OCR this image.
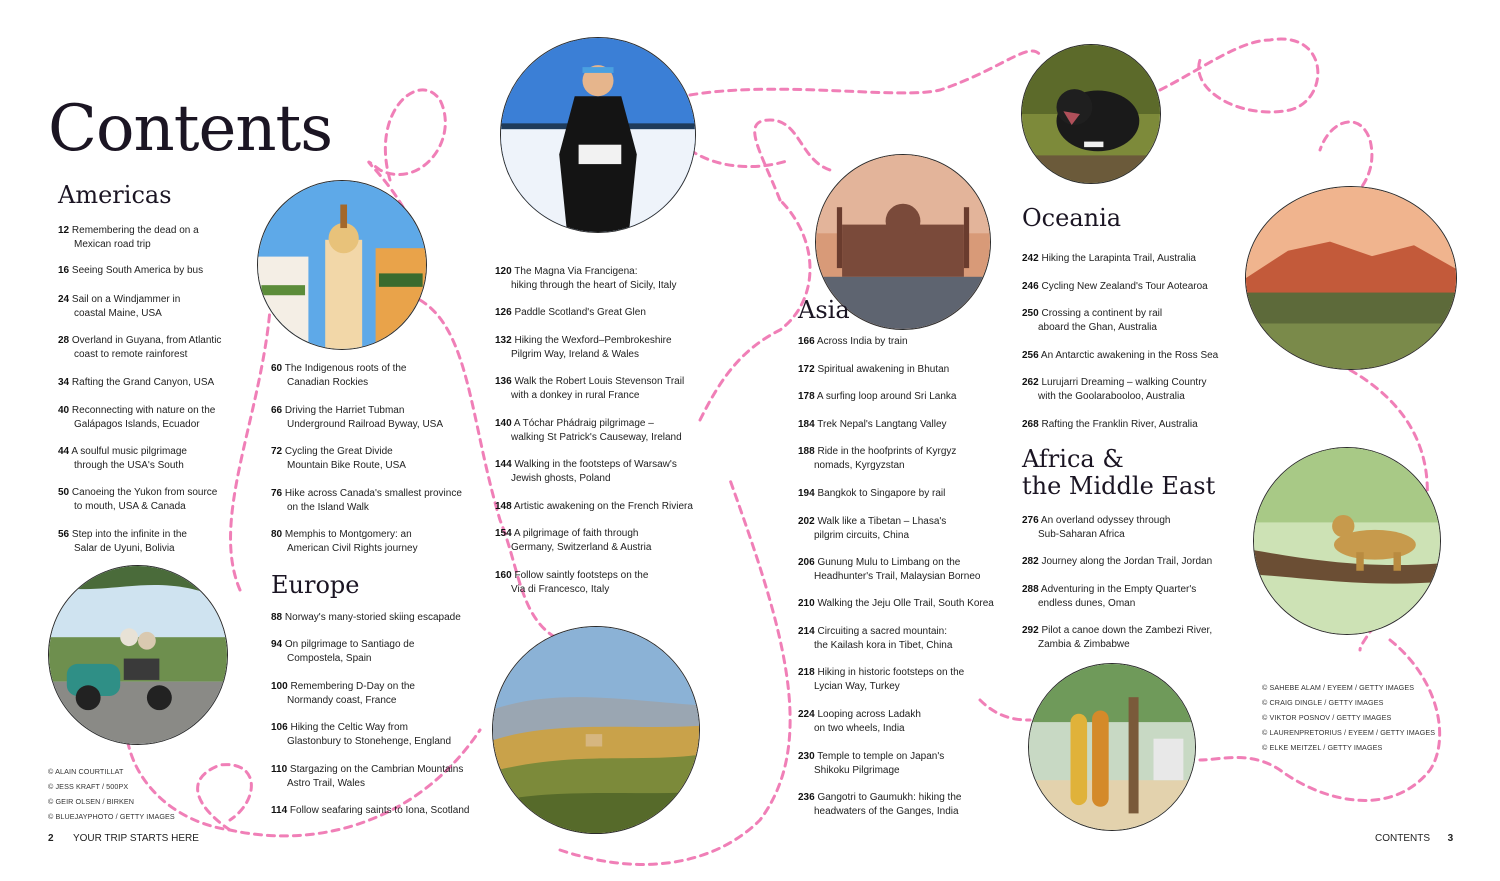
Contents
Americas
12 Remembering the dead on a
Mexican road trip
16 Seeing South America by bus
24 Sail on a Windjammer in
coastal Maine, USA
28 Overland in Guyana, from Atlantic
coast to remote rainforest
34 Rafting the Grand Canyon, USA
40 Reconnecting with nature on the
Galápagos Islands, Ecuador
44 A soulful music pilgrimage
through the USA's South
50 Canoeing the Yukon from source
to mouth, USA & Canada
56 Step into the infinite in the
Salar de Uyuni, Bolivia
60 The Indigenous roots of the
Canadian Rockies
66 Driving the Harriet Tubman
Underground Railroad Byway, USA
72 Cycling the Great Divide
Mountain Bike Route, USA
76 Hike across Canada's smallest province
on the Island Walk
80 Memphis to Montgomery: an
American Civil Rights journey
Europe
88 Norway's many-storied skiing escapade
94 On pilgrimage to Santiago de
Compostela, Spain
100 Remembering D-Day on the
Normandy coast, France
106 Hiking the Celtic Way from
Glastonbury to Stonehenge, England
110 Stargazing on the Cambrian Mountains
Astro Trail, Wales
114 Follow seafaring saints to Iona, Scotland
120 The Magna Via Francigena:
hiking through the heart of Sicily, Italy
126 Paddle Scotland's Great Glen
132 Hiking the Wexford–Pembrokeshire
Pilgrim Way, Ireland & Wales
136 Walk the Robert Louis Stevenson Trail
with a donkey in rural France
140 A Tóchar Phádraig pilgrimage –
walking St Patrick's Causeway, Ireland
144 Walking in the footsteps of Warsaw's
Jewish ghosts, Poland
148 Artistic awakening on the French Riviera
154 A pilgrimage of faith through
Germany, Switzerland & Austria
160 Follow saintly footsteps on the
Via di Francesco, Italy
Asia
166 Across India by train
172 Spiritual awakening in Bhutan
178 A surfing loop around Sri Lanka
184 Trek Nepal's Langtang Valley
188 Ride in the hoofprints of Kyrgyz
nomads, Kyrgyzstan
194 Bangkok to Singapore by rail
202 Walk like a Tibetan – Lhasa's
pilgrim circuits, China
206 Gunung Mulu to Limbang on the
Headhunter's Trail, Malaysian Borneo
210 Walking the Jeju Olle Trail, South Korea
214 Circuiting a sacred mountain:
the Kailash kora in Tibet, China
218 Hiking in historic footsteps on the
Lycian Way, Turkey
224 Looping across Ladakh
on two wheels, India
230 Temple to temple on Japan's
Shikoku Pilgrimage
236 Gangotri to Gaumukh: hiking the
headwaters of the Ganges, India
Oceania
242 Hiking the Larapinta Trail, Australia
246 Cycling New Zealand's Tour Aotearoa
250 Crossing a continent by rail
aboard the Ghan, Australia
256 An Antarctic awakening in the Ross Sea
262 Lurujarri Dreaming – walking Country
with the Goolarabooloo, Australia
268 Rafting the Franklin River, Australia
Africa &
the Middle East
276 An overland odyssey through
Sub-Saharan Africa
282 Journey along the Jordan Trail, Jordan
288 Adventuring in the Empty Quarter's
endless dunes, Oman
292 Pilot a canoe down the Zambezi River,
Zambia & Zimbabwe
© ALAIN COURTILLAT
© JESS KRAFT / 500PX
© GEIR OLSEN / BIRKEN
© BLUEJAYPHOTO / GETTY IMAGES
© SAHEBE ALAM / EYEEM / GETTY IMAGES
© CRAIG DINGLE / GETTY IMAGES
© VIKTOR POSNOV / GETTY IMAGES
© LAURENPRETORIUS / EYEEM / GETTY IMAGES
© ELKE MEITZEL / GETTY IMAGES
2 YOUR TRIP STARTS HERE	CONTENTS 3
